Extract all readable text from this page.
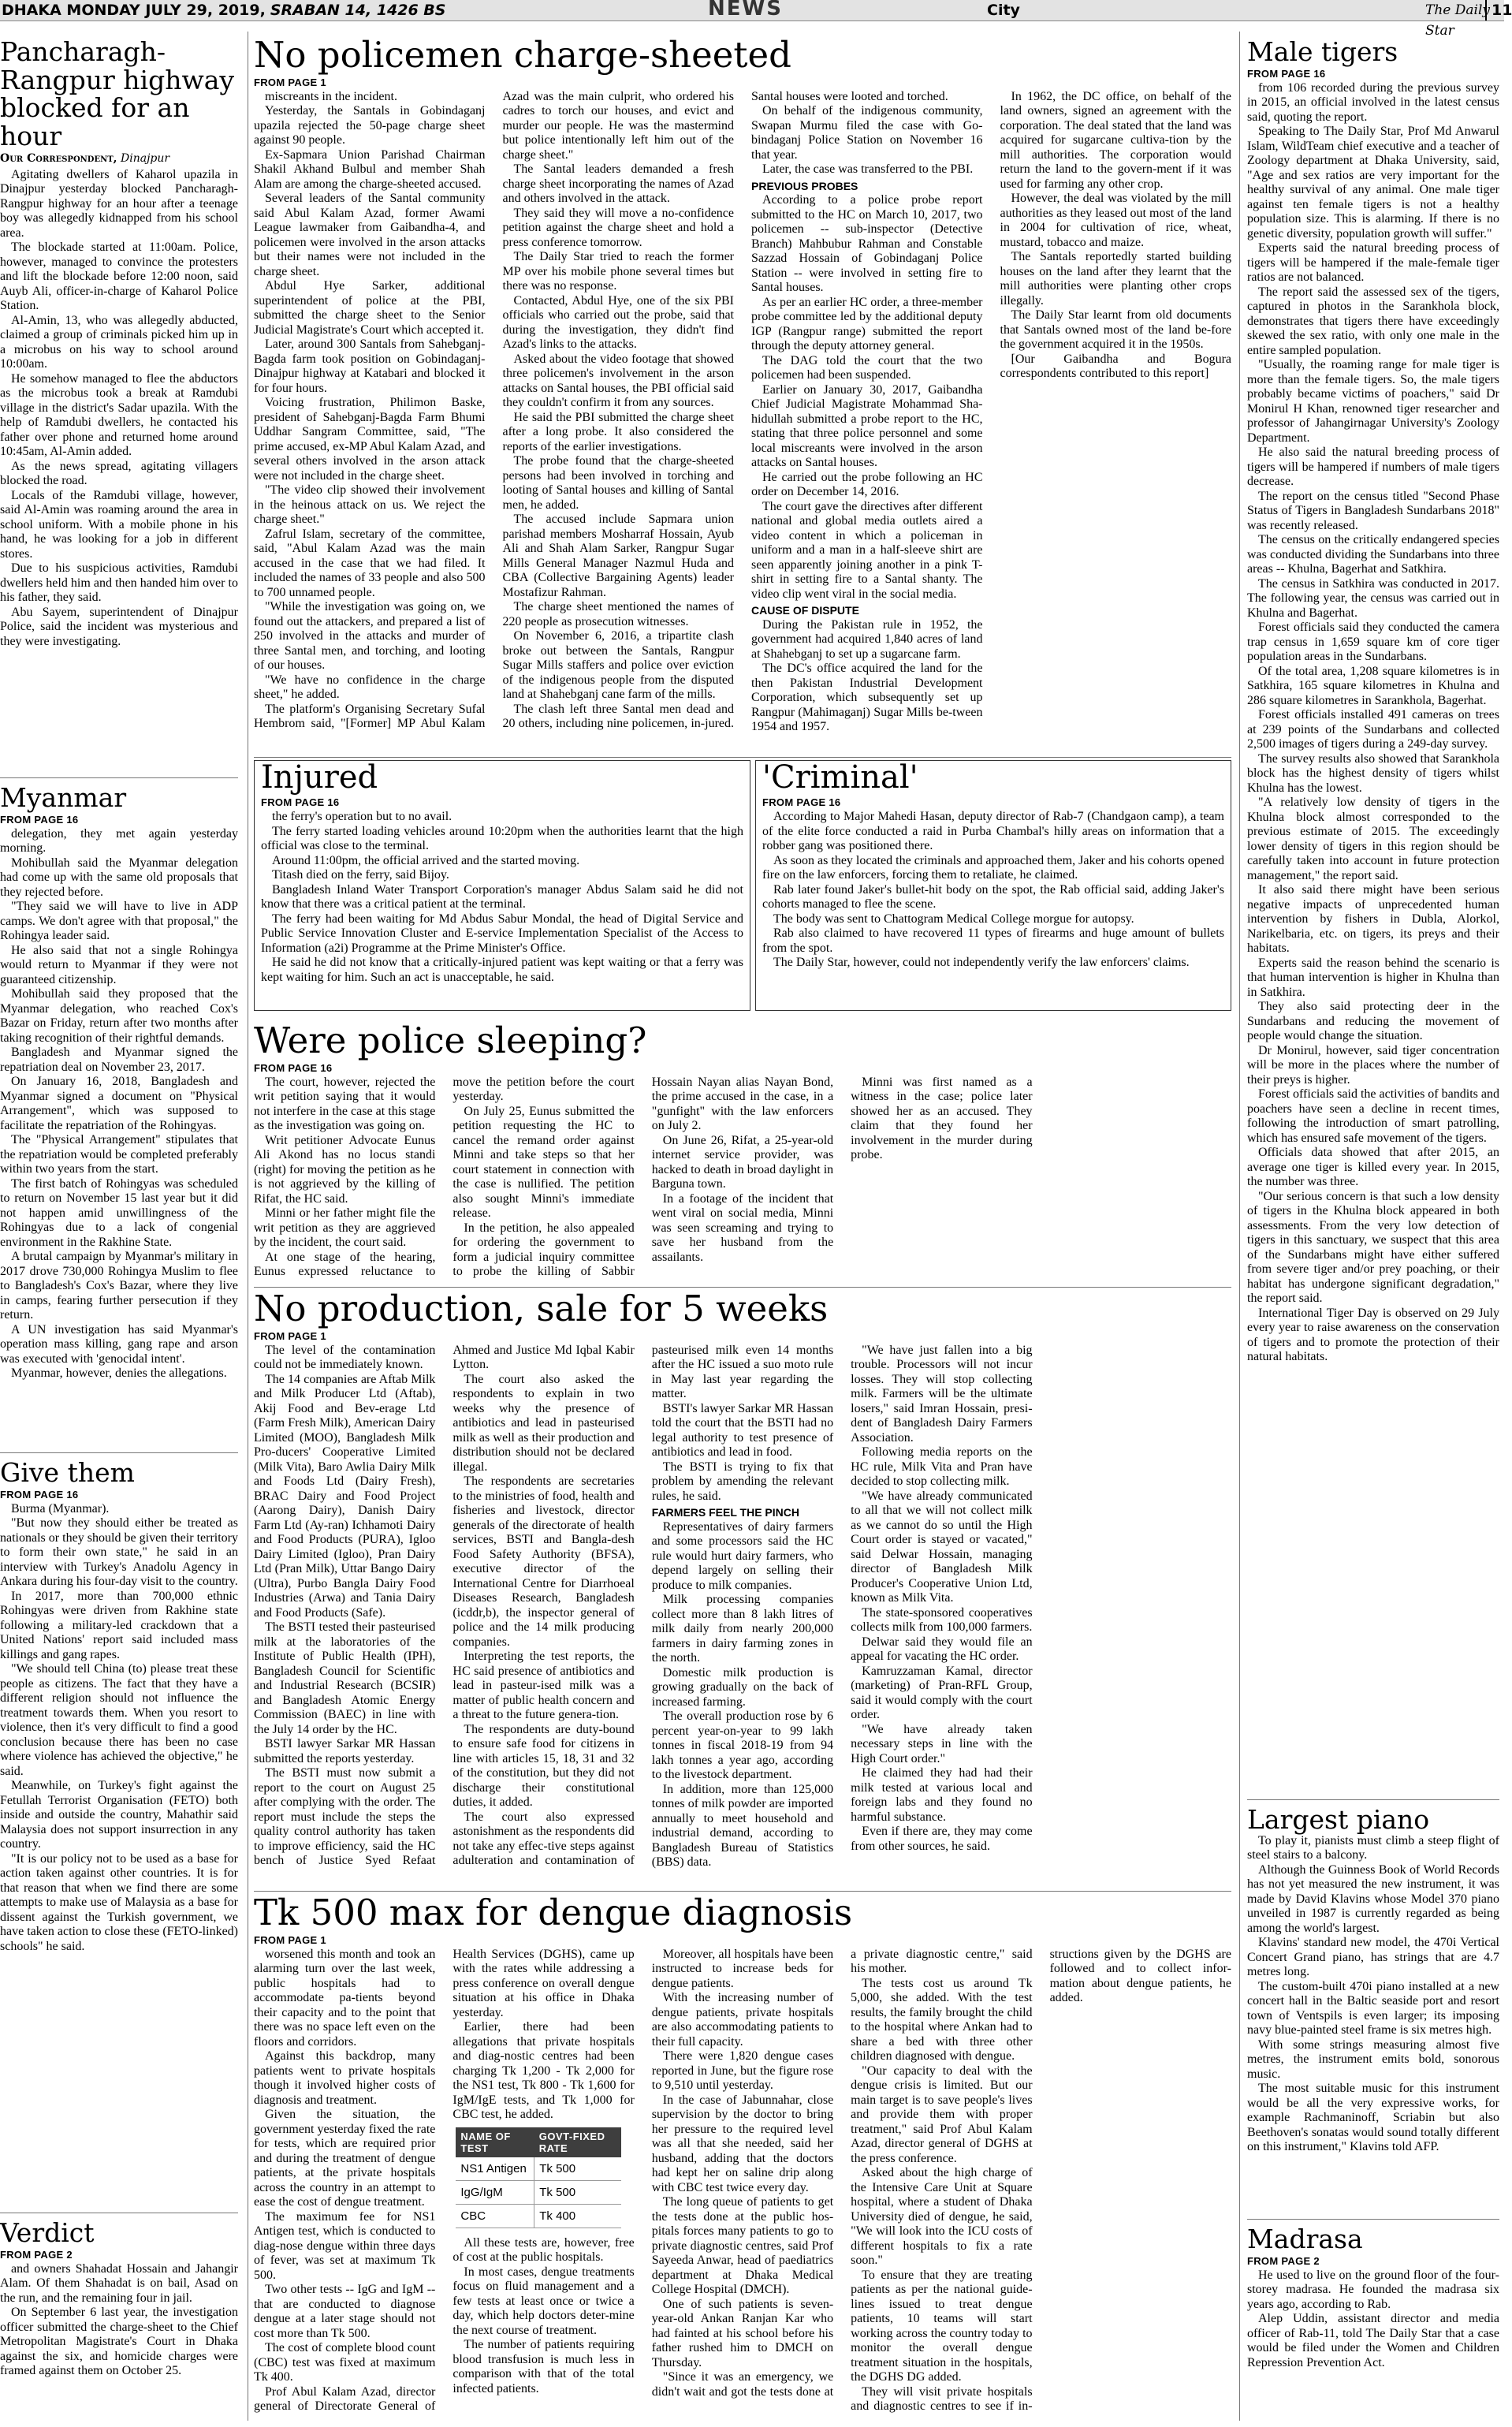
DHAKA MONDAY JULY 29, 2019, SRABAN 14, 1426 BS	NEWS	City	The Daily Star
11
Pancharagh-Rangpur highway blocked for an hour
Our Correspondent, Dinajpur

Agitating dwellers of Kaharol upazila in Dinajpur yesterday blocked Pancharagh-Rangpur highway for an hour after a teenage boy was allegedly kidnapped from his school area.

The blockade started at 11:00am. Police, however, managed to convince the protesters and lift the blockade before 12:00 noon, said Auyb Ali, officer-in-charge of Kaharol Police Station.

Al-Amin, 13, who was allegedly abducted, claimed a group of criminals picked him up in a microbus on his way to school around 10:00am.

He somehow managed to flee the abductors as the microbus took a break at Ramdubi village in the district's Sadar upazila. With the help of Ramdubi dwellers, he contacted his father over phone and returned home around 10:45am, Al-Amin added.

As the news spread, agitating villagers blocked the road.

Locals of the Ramdubi village, however, said Al-Amin was roaming around the area in school uniform. With a mobile phone in his hand, he was looking for a job in different stores.

Due to his suspicious activities, Ramdubi dwellers held him and then handed him over to his father, they said.

Abu Sayem, superintendent of Dinajpur Police, said the incident was mysterious and they were investigating.

Myanmar
FROM PAGE 16

delegation, they met again yesterday morning.

Mohibullah said the Myanmar delegation had come up with the same old proposals that they rejected before.

"They said we will have to live in ADP camps. We don't agree with that proposal," the Rohingya leader said.

He also said that not a single Rohingya would return to Myanmar if they were not guaranteed citizenship.

Mohibullah said they proposed that the Myanmar delegation, who reached Cox's Bazar on Friday, return after two months after taking recognition of their rightful demands.

Bangladesh and Myanmar signed the repatriation deal on November 23, 2017.

On January 16, 2018, Bangladesh and Myanmar signed a document on "Physical Arrangement", which was supposed to facilitate the repatriation of the Rohingyas.

The "Physical Arrangement" stipulates that the repatriation would be completed preferably within two years from the start.

The first batch of Rohingyas was scheduled to return on November 15 last year but it did not happen amid unwillingness of the Rohingyas due to a lack of congenial environment in the Rakhine State.

A brutal campaign by Myanmar's military in 2017 drove 730,000 Rohingya Muslim to flee to Bangladesh's Cox's Bazar, where they live in camps, fearing further persecution if they return.

A UN investigation has said Myanmar's operation mass killing, gang rape and arson was executed with 'genocidal intent'.

Myanmar, however, denies the allegations.

Give them
FROM PAGE 16

Burma (Myanmar).

"But now they should either be treated as nationals or they should be given their territory to form their own state," he said in an interview with Turkey's Anadolu Agency in Ankara during his four-day visit to the country.

In 2017, more than 700,000 ethnic Rohingyas were driven from Rakhine state following a military-led crackdown that a United Nations' report said included mass killings and gang rapes.

"We should tell China (to) please treat these people as citizens. The fact that they have a different religion should not influence the treatment towards them. When you resort to violence, then it's very difficult to find a good conclusion because there has been no case where violence has achieved the objective," he said.

Meanwhile, on Turkey's fight against the Fetullah Terrorist Organisation (FETO) both inside and outside the country, Mahathir said Malaysia does not support insurrection in any country.

"It is our policy not to be used as a base for action taken against other countries. It is for that reason that when we find there are some attempts to make use of Malaysia as a base for dissent against the Turkish government, we have taken action to close these (FETO-linked) schools" he said.

Verdict
FROM PAGE 2

and owners Shahadat Hossain and Jahangir Alam. Of them Shahadat is on bail, Asad on the run, and the remaining four in jail.

On September 6 last year, the investigation officer submitted the charge-sheet to the Chief Metropolitan Magistrate's Court in Dhaka against the six, and homicide charges were framed against them on October 25.

No policemen charge-sheeted
FROM PAGE 1

miscreants in the incident.

Yesterday, the Santals in Gobindaganj upazila rejected the 50-page charge sheet against 90 people.

Ex-Sapmara Union Parishad Chairman Shakil Akhand Bulbul and member Shah Alam are among the charge-sheeted accused.

Several leaders of the Santal community said Abul Kalam Azad, former Awami League lawmaker from Gaibandha-4, and policemen were involved in the arson attacks but their names were not included in the charge sheet.

Abdul Hye Sarker, additional superintendent of police at the PBI, submitted the charge sheet to the Senior Judicial Magistrate's Court which accepted it.

Later, around 300 Santals from Sahebganj-Bagda farm took position on Gobindaganj-Dinajpur highway at Katabari and blocked it for four hours.

Voicing frustration, Philimon Baske, president of Sahebganj-Bagda Farm Bhumi Uddhar Sangram Committee, said, "The prime accused, ex-MP Abul Kalam Azad, and several others involved in the arson attack were not included in the charge sheet.

"The video clip showed their involvement in the heinous attack on us. We reject the charge sheet."

Zafrul Islam, secretary of the committee, said, "Abul Kalam Azad was the main accused in the case that we had filed. It included the names of 33 people and also 500 to 700 unnamed people.

"While the investigation was going on, we found out the attackers, and prepared a list of 250 involved in the attacks and murder of three Santal men, and torching, and looting of our houses.

"We have no confidence in the charge sheet," he added.

The platform's Organising Secretary Sufal Hembrom said, "[Former] MP Abul Kalam Azad was the main culprit, who ordered his cadres to torch our houses, and evict and murder our people. He was the mastermind but police intentionally left him out of the charge sheet."

The Santal leaders demanded a fresh charge sheet incorporating the names of Azad and others involved in the attack.

They said they will move a no-confidence petition against the charge sheet and hold a press conference tomorrow.

The Daily Star tried to reach the former MP over his mobile phone several times but there was no response.

Contacted, Abdul Hye, one of the six PBI officials who carried out the probe, said that during the investigation, they didn't find Azad's links to the attacks.

Asked about the video footage that showed three policemen's involvement in the arson attacks on Santal houses, the PBI official said they couldn't confirm it from any sources.

He said the PBI submitted the charge sheet after a long probe. It also considered the reports of the earlier investigations.

The probe found that the charge-sheeted persons had been involved in torching and looting of Santal houses and killing of Santal men, he added.

The accused include Sapmara union parishad members Mosharraf Hossain, Ayub Ali and Shah Alam Sarker, Rangpur Sugar Mills General Manager Nazmul Huda and CBA (Collective Bargaining Agents) leader Mostafizur Rahman.

The charge sheet mentioned the names of 220 people as prosecution witnesses.

On November 6, 2016, a tripartite clash broke out between the Santals, Rangpur Sugar Mills staffers and police over eviction of the indigenous people from the disputed land at Shahebganj cane farm of the mills.

The clash left three Santal men dead and 20 others, including nine policemen, in-jured. Santal houses were looted and torched.

On behalf of the indigenous community, Swapan Murmu filed the case with Go-bindaganj Police Station on November 16 that year.

Later, the case was transferred to the PBI.

PREVIOUS PROBES

According to a police probe report submitted to the HC on March 10, 2017, two policemen -- sub-inspector (Detective Branch) Mahbubur Rahman and Constable Sazzad Hossain of Gobindaganj Police Station -- were involved in setting fire to Santal houses.

As per an earlier HC order, a three-member probe committee led by the additional deputy IGP (Rangpur range) submitted the report through the deputy attorney general.

The DAG told the court that the two policemen had been suspended.

Earlier on January 30, 2017, Gaibandha Chief Judicial Magistrate Mohammad Sha-hidullah submitted a probe report to the HC, stating that three police personnel and some local miscreants were involved in the arson attacks on Santal houses.

He carried out the probe following an HC order on December 14, 2016.

The court gave the directives after different national and global media outlets aired a video content in which a policeman in uniform and a man in a half-sleeve shirt are seen apparently joining another in a pink T-shirt in setting fire to a Santal shanty. The video clip went viral in the social media.

CAUSE OF DISPUTE

During the Pakistan rule in 1952, the government had acquired 1,840 acres of land at Shahebganj to set up a sugarcane farm.

The DC's office acquired the land for the then Pakistan Industrial Development Corporation, which subsequently set up Rangpur (Mahimaganj) Sugar Mills be-tween 1954 and 1957.

In 1962, the DC office, on behalf of the land owners, signed an agreement with the corporation. The deal stated that the land was acquired for sugarcane cultiva-tion by the mill authorities. The corporation would return the land to the govern-ment if it was used for farming any other crop.

However, the deal was violated by the mill authorities as they leased out most of the land in 2004 for cultivation of rice, wheat, mustard, tobacco and maize.

The Santals reportedly started building houses on the land after they learnt that the mill authorities were planting other crops illegally.

The Daily Star learnt from old documents that Santals owned most of the land be-fore the government acquired it in the 1950s.

[Our Gaibandha and Bogura correspondents contributed to this report]

Injured
FROM PAGE 16

the ferry's operation but to no avail.

The ferry started loading vehicles around 10:20pm when the authorities learnt that the high official was close to the terminal.

Around 11:00pm, the official arrived and the started moving.

Titash died on the ferry, said Bijoy.

Bangladesh Inland Water Transport Corporation's manager Abdus Salam said he did not know that there was a critical patient at the terminal.

The ferry had been waiting for Md Abdus Sabur Mondal, the head of Digital Service and Public Service Innovation Cluster and E-service Implementation Specialist of the Access to Information (a2i) Programme at the Prime Minister's Office.

He said he did not know that a critically-injured patient was kept waiting or that a ferry was kept waiting for him. Such an act is unacceptable, he said.

'Criminal'
FROM PAGE 16

According to Major Mahedi Hasan, deputy director of Rab-7 (Chandgaon camp), a team of the elite force conducted a raid in Purba Chambal's hilly areas on information that a robber gang was positioned there.

As soon as they located the criminals and approached them, Jaker and his cohorts opened fire on the law enforcers, forcing them to retaliate, he claimed.

Rab later found Jaker's bullet-hit body on the spot, the Rab official said, adding Jaker's cohorts managed to flee the scene.

The body was sent to Chattogram Medical College morgue for autopsy.

Rab also claimed to have recovered 11 types of firearms and huge amount of bullets from the spot.

The Daily Star, however, could not independently verify the law enforcers' claims.

Were police sleeping?
FROM PAGE 16

The court, however, rejected the writ petition saying that it would not interfere in the case at this stage as the investigation was going on.

Writ petitioner Advocate Eunus Ali Akond has no locus standi (right) for moving the petition as he is not aggrieved by the killing of Rifat, the HC said.

Minni or her father might file the writ petition as they are aggrieved by the incident, the court said.

At one stage of the hearing, Eunus expressed reluctance to move the petition before the court yesterday.

On July 25, Eunus submitted the petition requesting the HC to cancel the remand order against Minni and take steps so that her court statement in connection with the case is nullified. The petition also sought Minni's immediate release.

In the petition, he also appealed for ordering the government to form a judicial inquiry committee to probe the killing of Sabbir Hossain Nayan alias Nayan Bond, the prime accused in the case, in a "gunfight" with the law enforcers on July 2.

On June 26, Rifat, a 25-year-old internet service provider, was hacked to death in broad daylight in Barguna town.

In a footage of the incident that went viral on social media, Minni was seen screaming and trying to save her husband from the assailants.

Minni was first named as a witness in the case; police later showed her as an accused. They claim that they found her involvement in the murder during probe.

No production, sale for 5 weeks
FROM PAGE 1

The level of the contamination could not be immediately known.

The 14 companies are Aftab Milk and Milk Producer Ltd (Aftab), Akij Food and Bev-erage Ltd (Farm Fresh Milk), American Dairy Limited (MOO), Bangladesh Milk Pro-ducers' Cooperative Limited (Milk Vita), Baro Awlia Dairy Milk and Foods Ltd (Dairy Fresh), BRAC Dairy and Food Project (Aarong Dairy), Danish Dairy Farm Ltd (Ay-ran) Ichhamoti Dairy and Food Products (PURA), Igloo Dairy Limited (Igloo), Pran Dairy Ltd (Pran Milk), Uttar Bango Dairy (Ultra), Purbo Bangla Dairy Food Industries (Arwa) and Tania Dairy and Food Products (Safe).

The BSTI tested their pasteurised milk at the laboratories of the Institute of Public Health (IPH), Bangladesh Council for Scientific and Industrial Research (BCSIR) and Bangladesh Atomic Energy Commission (BAEC) in line with the July 14 order by the HC.

BSTI lawyer Sarkar MR Hassan submitted the reports yesterday.

The BSTI must now submit a report to the court on August 25 after complying with the order. The report must include the steps the quality control authority has taken to improve efficiency, said the HC bench of Justice Syed Refaat Ahmed and Justice Md Iqbal Kabir Lytton.

The court also asked the respondents to explain in two weeks why the presence of antibiotics and lead in pasteurised milk as well as their production and distribution should not be declared illegal.

The respondents are secretaries to the ministries of food, health and fisheries and livestock, director generals of the directorate of health services, BSTI and Bangla-desh Food Safety Authority (BFSA), executive director of the International Centre for Diarrhoeal Diseases Research, Bangladesh (icddr,b), the inspector general of police and the 14 milk producing companies.

Interpreting the test reports, the HC said presence of antibiotics and lead in pasteur-ised milk was a matter of public health concern and a threat to the future genera-tion.

The respondents are duty-bound to ensure safe food for citizens in line with articles 15, 18, 31 and 32 of the constitution, but they did not discharge their constitutional duties, it added.

The court also expressed astonishment as the respondents did not take any effec-tive steps against adulteration and contamination of pasteurised milk even 14 months after the HC issued a suo moto rule in May last year regarding the matter.

BSTI's lawyer Sarkar MR Hassan told the court that the BSTI had no legal authority to test presence of antibiotics and lead in food.

The BSTI is trying to fix that problem by amending the relevant rules, he said.

FARMERS FEEL THE PINCH

Representatives of dairy farmers and some processors said the HC rule would hurt dairy farmers, who depend largely on selling their produce to milk companies.

Milk processing companies collect more than 8 lakh litres of milk daily from nearly 200,000 farmers in dairy farming zones in the north.

Domestic milk production is growing gradually on the back of increased farming.

The overall production rose by 6 percent year-on-year to 99 lakh tonnes in fiscal 2018-19 from 94 lakh tonnes a year ago, according to the livestock department.

In addition, more than 125,000 tonnes of milk powder are imported annually to meet household and industrial demand, according to Bangladesh Bureau of Statistics (BBS) data.

"We have just fallen into a big trouble. Processors will not incur losses. They will stop collecting milk. Farmers will be the ultimate losers," said Imran Hossain, presi-dent of Bangladesh Dairy Farmers Association.

Following media reports on the HC rule, Milk Vita and Pran have decided to stop collecting milk.

"We have already communicated to all that we will not collect milk as we cannot do so until the High Court order is stayed or vacated," said Delwar Hossain, managing director of Bangladesh Milk Producer's Cooperative Union Ltd, known as Milk Vita.

The state-sponsored cooperatives collects milk from 100,000 farmers.

Delwar said they would file an appeal for vacating the HC order.

Kamruzzaman Kamal, director (marketing) of Pran-RFL Group, said it would comply with the court order.

"We have already taken necessary steps in line with the High Court order."

He claimed they had had their milk tested at various local and foreign labs and they found no harmful substance.

Even if there are, they may come from other sources, he said.

Tk 500 max for dengue diagnosis
FROM PAGE 1

worsened this month and took an alarming turn over the last week, public hospitals had to accommodate pa-tients beyond their capacity and to the point that there was no space left even on the floors and corridors.

Against this backdrop, many patients went to private hospitals though it involved higher costs of diagnosis and treatment.

Given the situation, the government yesterday fixed the rate for tests, which are required prior and during the treatment of dengue patients, at the private hospitals across the country in an attempt to ease the cost of dengue treatment.

The maximum fee for NS1 Antigen test, which is conducted to diag-nose dengue within three days of fever, was set at maximum Tk 500.

Two other tests -- IgG and IgM -- that are conducted to diagnose dengue at a later stage should not cost more than Tk 500.

The cost of complete blood count (CBC) test was fixed at maximum Tk 400.

Prof Abul Kalam Azad, director general of Directorate General of Health Services (DGHS), came up with the rates while addressing a press conference on overall dengue situation at his office in Dhaka yesterday.

Earlier, there had been allegations that private hospitals and diag-nostic centres had been charging Tk 1,200 - Tk 2,000 for the NS1 test, Tk 800 - Tk 1,600 for IgM/IgE tests, and Tk 1,000 for CBC test, he added.

NAME OF TEST	GOVT-FIXED RATE
NS1 Antigen	Tk 500
IgG/IgM	Tk 500
CBC	Tk 400

All these tests are, however, free of cost at the public hospitals.

In most cases, dengue treatments focus on fluid management and a few tests at least once or twice a day, which help doctors deter-mine the next course of treatment.

The number of patients requiring blood transfusion is much less in comparison with that of the total infected patients.

Moreover, all hospitals have been instructed to increase beds for dengue patients.

With the increasing number of dengue patients, private hospitals are also accommodating patients to their full capacity.

There were 1,820 dengue cases reported in June, but the figure rose to 9,510 until yesterday.

In the case of Jabunnahar, close supervision by the doctor to bring her pressure to the required level was all that she needed, said her husband, adding that the doctors had kept her on saline drip along with CBC test twice every day.

The long queue of patients to get the tests done at the public hos-pitals forces many patients to go to private diagnostic centres, said Prof Sayeeda Anwar, head of paediatrics department at Dhaka Medical College Hospital (DMCH).

One of such patients is seven-year-old Ankan Ranjan Kar who had fainted at his school before his father rushed him to DMCH on Thursday.

"Since it was an emergency, we didn't wait and got the tests done at a private diagnostic centre," said his mother.

The tests cost us around Tk 5,000, she added. With the test results, the family brought the child to the hospital where Ankan had to share a bed with three other children diagnosed with dengue.

"Our capacity to deal with the dengue crisis is limited. But our main target is to save people's lives and provide them with proper treatment," said Prof Abul Kalam Azad, director general of DGHS at the press conference.

Asked about the high charge of the Intensive Care Unit at Square hospital, where a student of Dhaka University died of dengue, he said, "We will look into the ICU costs of different hospitals to fix a rate soon."

To ensure that they are treating patients as per the national guide-lines issued to treat dengue patients, 10 teams will start working across the country today to monitor the overall dengue treatment situation in the hospitals, the DGHS DG added.

They will visit private hospitals and diagnostic centres to see if in-structions given by the DGHS are followed and to collect infor-mation about dengue patients, he added.

Male tigers
FROM PAGE 16

from 106 recorded during the previous survey in 2015, an official involved in the latest census said, quoting the report.

Speaking to The Daily Star, Prof Md Anwarul Islam, WildTeam chief executive and a teacher of Zoology department at Dhaka University, said, "Age and sex ratios are very important for the healthy survival of any animal. One male tiger against ten female tigers is not a healthy population size. This is alarming. If there is no genetic diversity, population growth will suffer."

Experts said the natural breeding process of tigers will be hampered if the male-female tiger ratios are not balanced.

The report said the assessed sex of the tigers, captured in photos in the Sarankhola block, demonstrates that tigers there have exceedingly skewed the sex ratio, with only one male in the entire sampled population.

"Usually, the roaming range for male tiger is more than the female tigers. So, the male tigers probably became victims of poachers," said Dr Monirul H Khan, renowned tiger researcher and professor of Jahangirnagar University's Zoology Department.

He also said the natural breeding process of tigers will be hampered if numbers of male tigers decrease.

The report on the census titled "Second Phase Status of Tigers in Bangladesh Sundarbans 2018" was recently released.

The census on the critically endangered species was conducted dividing the Sundarbans into three areas -- Khulna, Bagerhat and Satkhira.

The census in Satkhira was conducted in 2017. The following year, the census was carried out in Khulna and Bagerhat.

Forest officials said they conducted the camera trap census in 1,659 square km of core tiger population areas in the Sundarbans.

Of the total area, 1,208 square kilometres is in Satkhira, 165 square kilometres in Khulna and 286 square kilometres in Sarankhola, Bagerhat.

Forest officials installed 491 cameras on trees at 239 points of the Sundarbans and collected 2,500 images of tigers during a 249-day survey.

The survey results also showed that Sarankhola block has the highest density of tigers whilst Khulna has the lowest.

"A relatively low density of tigers in the Khulna block almost corresponded to the previous estimate of 2015. The exceedingly lower density of tigers in this region should be carefully taken into account in future protection management," the report said.

It also said there might have been serious negative impacts of unprecedented human intervention by fishers in Dubla, Alorkol, Narikelbaria, etc. on tigers, its preys and their habitats.

Experts said the reason behind the scenario is that human intervention is higher in Khulna than in Satkhira.

They also said protecting deer in the Sundarbans and reducing the movement of people would change the situation.

Dr Monirul, however, said tiger concentration will be more in the places where the number of their preys is higher.

Forest officials said the activities of bandits and poachers have seen a decline in recent times, following the introduction of smart patrolling, which has ensured safe movement of the tigers.

Officials data showed that after 2015, an average one tiger is killed every year. In 2015, the number was three.

"Our serious concern is that such a low density of tigers in the Khulna block appeared in both assessments. From the very low detection of tigers in this sanctuary, we suspect that this area of the Sundarbans might have either suffered from severe tiger and/or prey poaching, or their habitat has undergone significant degradation," the report said.

International Tiger Day is observed on 29 July every year to raise awareness on the conservation of tigers and to promote the protection of their natural habitats.

Largest piano

To play it, pianists must climb a steep flight of steel stairs to a balcony.

Although the Guinness Book of World Records has not yet measured the new instrument, it was made by David Klavins whose Model 370 piano unveiled in 1987 is currently regarded as being among the world's largest.

Klavins' standard new model, the 470i Vertical Concert Grand piano, has strings that are 4.7 metres long.

The custom-built 470i piano installed at a new concert hall in the Baltic seaside port and resort town of Ventspils is even larger; its imposing navy blue-painted steel frame is six metres high.

With some strings measuring almost five metres, the instrument emits bold, sonorous music.

The most suitable music for this instrument would be all the very expressive works, for example Rachmaninoff, Scriabin but also Beethoven's sonatas would sound totally different on this instrument," Klavins told AFP.

Madrasa
FROM PAGE 2

He used to live on the ground floor of the four-storey madrasa. He founded the madrasa six years ago, according to Rab.

Alep Uddin, assistant director and media officer of Rab-11, told The Daily Star that a case would be filed under the Women and Children Repression Prevention Act.
